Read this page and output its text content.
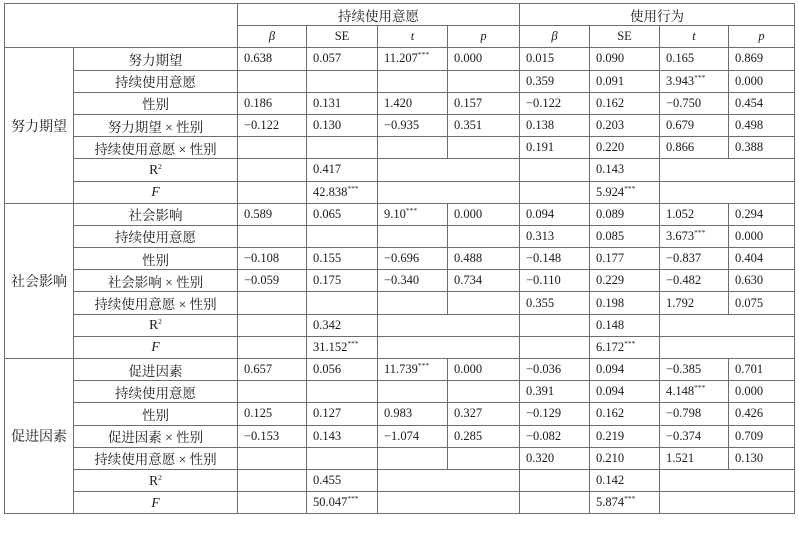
		持续使用意愿				使用行为			
		β	SE	t	p	β	SE	t	p
努力期望	努力期望	0.638	0.057	11.207***	0.000	0.015	0.090	0.165	0.869
	持续使用意愿					0.359	0.091	3.943***	0.000
	性别	0.186	0.131	1.420	0.157	−0.122	0.162	−0.750	0.454
	努力期望 × 性别	−0.122	0.130	−0.935	0.351	0.138	0.203	0.679	0.498
	持续使用意愿 × 性别					0.191	0.220	0.866	0.388
	$R^2$		0.417				0.143		
	F		42.838***				5.924***	
社会影响	社会影响	0.589	0.065	9.10***	0.000	0.094	0.089	1.052	0.294
	持续使用意愿					0.313	0.085	3.673***	0.000
	性别	−0.108	0.155	−0.696	0.488	−0.148	0.177	−0.837	0.404
	社会影响 × 性别	−0.059	0.175	−0.340	0.734	−0.110	0.229	−0.482	0.630
	持续使用意愿 × 性别					0.355	0.198	1.792	0.075
	$R^2$		0.342				0.148		
	F		31.152***				6.172***	
促进因素	促进因素	0.657	0.056	11.739***	0.000	−0.036	0.094	−0.385	0.701
	持续使用意愿					0.391	0.094	4.148***	0.000
	性别	0.125	0.127	0.983	0.327	−0.129	0.162	−0.798	0.426
	促进因素 × 性别	−0.153	0.143	−1.074	0.285	−0.082	0.219	−0.374	0.709
	持续使用意愿 × 性别					0.320	0.210	1.521	0.130
	$R^2$		0.455				0.142		
	F		50.047***				5.874***	
